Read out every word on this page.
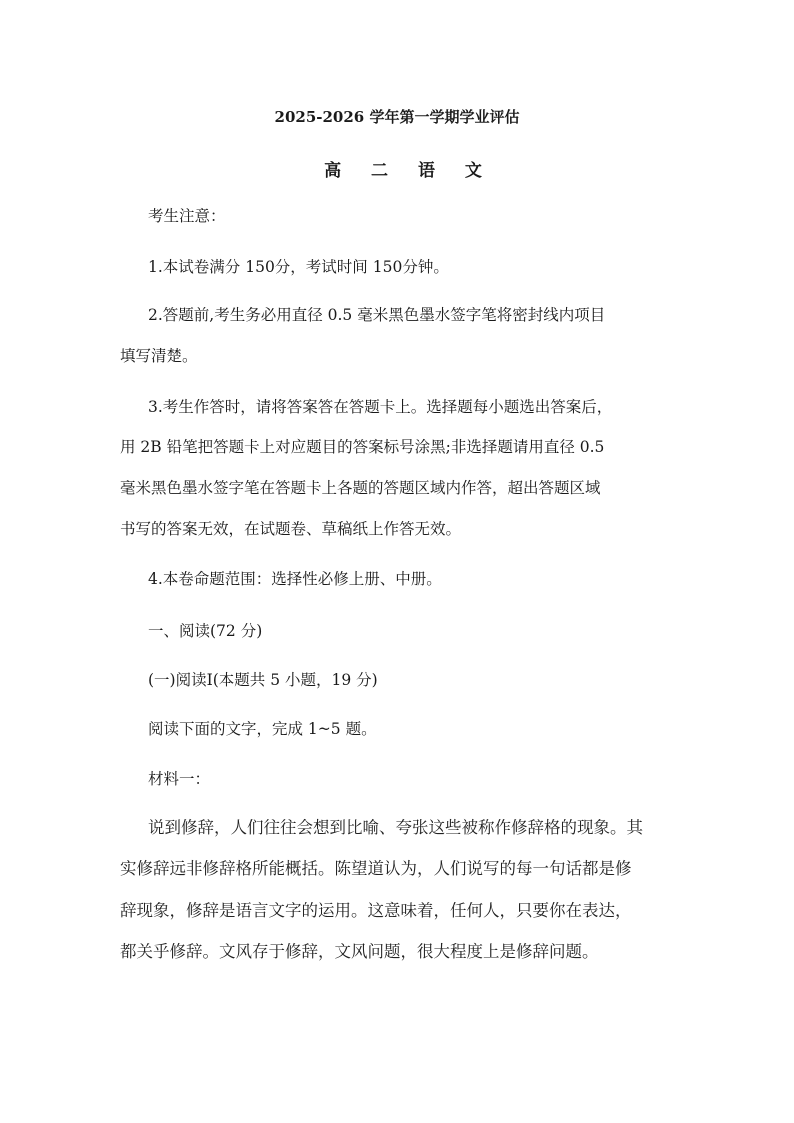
2025-2026 学年第一学期学业评估
高 二 语 文
考生注意：
1.本试卷满分 150分，考试时间 150分钟。
2.答题前,考生务必用直径 0.5 毫米黑色墨水签字笔将密封线内项目
填写清楚。
3.考生作答时，请将答案答在答题卡上。选择题每小题选出答案后，
用 2B 铅笔把答题卡上对应题目的答案标号涂黑;非选择题请用直径 0.5
毫米黑色墨水签字笔在答题卡上各题的答题区域内作答，超出答题区域
书写的答案无效，在试题卷、草稿纸上作答无效。
4.本卷命题范围：选择性必修上册、中册。
一、阅读(72 分)
(一)阅读Ⅰ(本题共 5 小题，19 分)
阅读下面的文字，完成 1~5 题。
材料一：
说到修辞，人们往往会想到比喻、夸张这些被称作修辞格的现象。其
实修辞远非修辞格所能概括。陈望道认为，人们说写的每一句话都是修
辞现象，修辞是语言文字的运用。这意味着，任何人，只要你在表达，
都关乎修辞。文风存于修辞，文风问题，很大程度上是修辞问题。
